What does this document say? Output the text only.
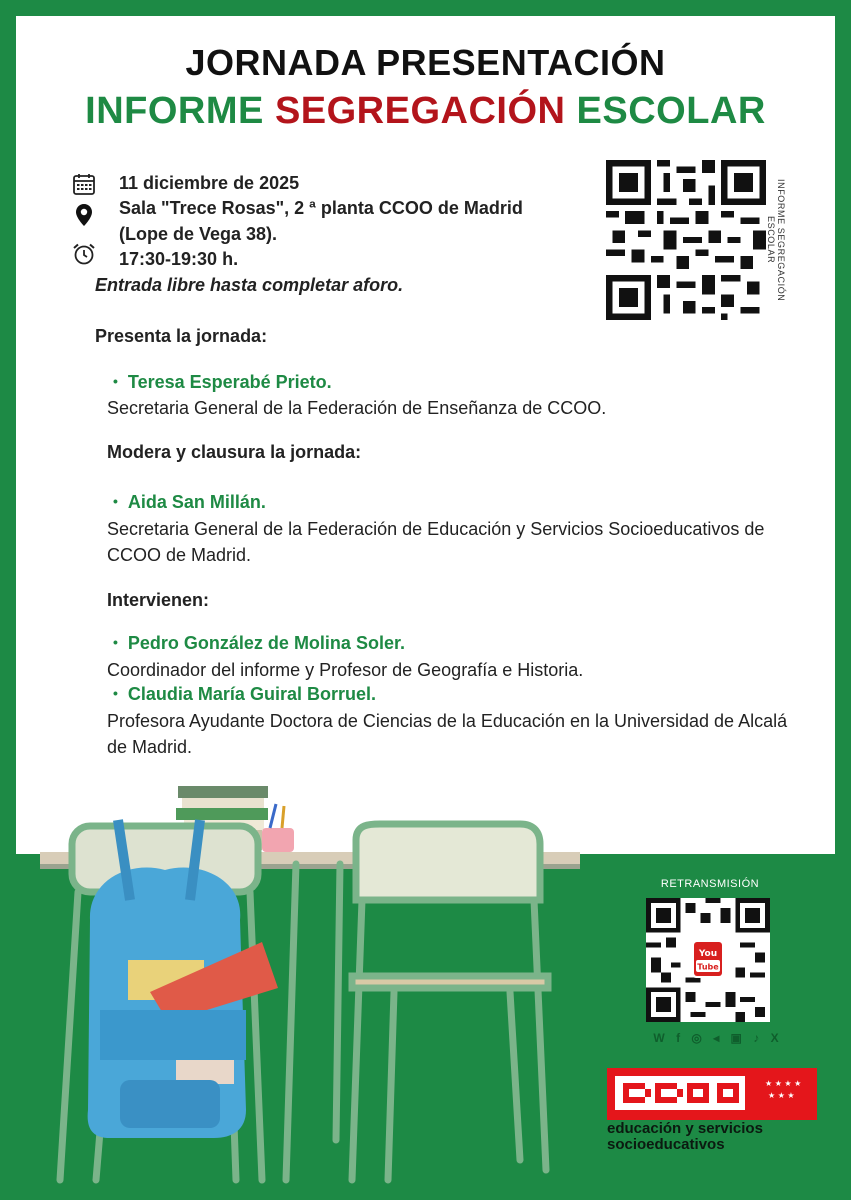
JORNADA PRESENTACIÓN
INFORME SEGREGACIÓN ESCOLAR
11 diciembre de 2025
Sala "Trece Rosas", 2 ª planta CCOO de Madrid
(Lope de Vega 38).
17:30-19:30 h.
Entrada libre hasta completar aforo.	INFORME SEGREGACIÓN ESCOLAR
Presenta la jornada:
• Teresa Esperabé Prieto.
Secretaria General de la Federación de Enseñanza de CCOO.
Modera y clausura la jornada:
• Aida San Millán.
Secretaria General de la Federación de Educación y Servicios Socioeducativos de CCOO de Madrid.
Intervienen:
• Pedro González de Molina Soler.
Coordinador del informe y Profesor de Geografía e Historia.
• Claudia María Guiral Borruel.
Profesora Ayudante Doctora de Ciencias de la Educación en la Universidad de Alcalá de Madrid.
RETRANSMISIÓN
You
Tube
W f ◎ ◂ ▣ ♪ X
★ ★ ★ ★
★ ★ ★
educación y servicios
socioeducativos
